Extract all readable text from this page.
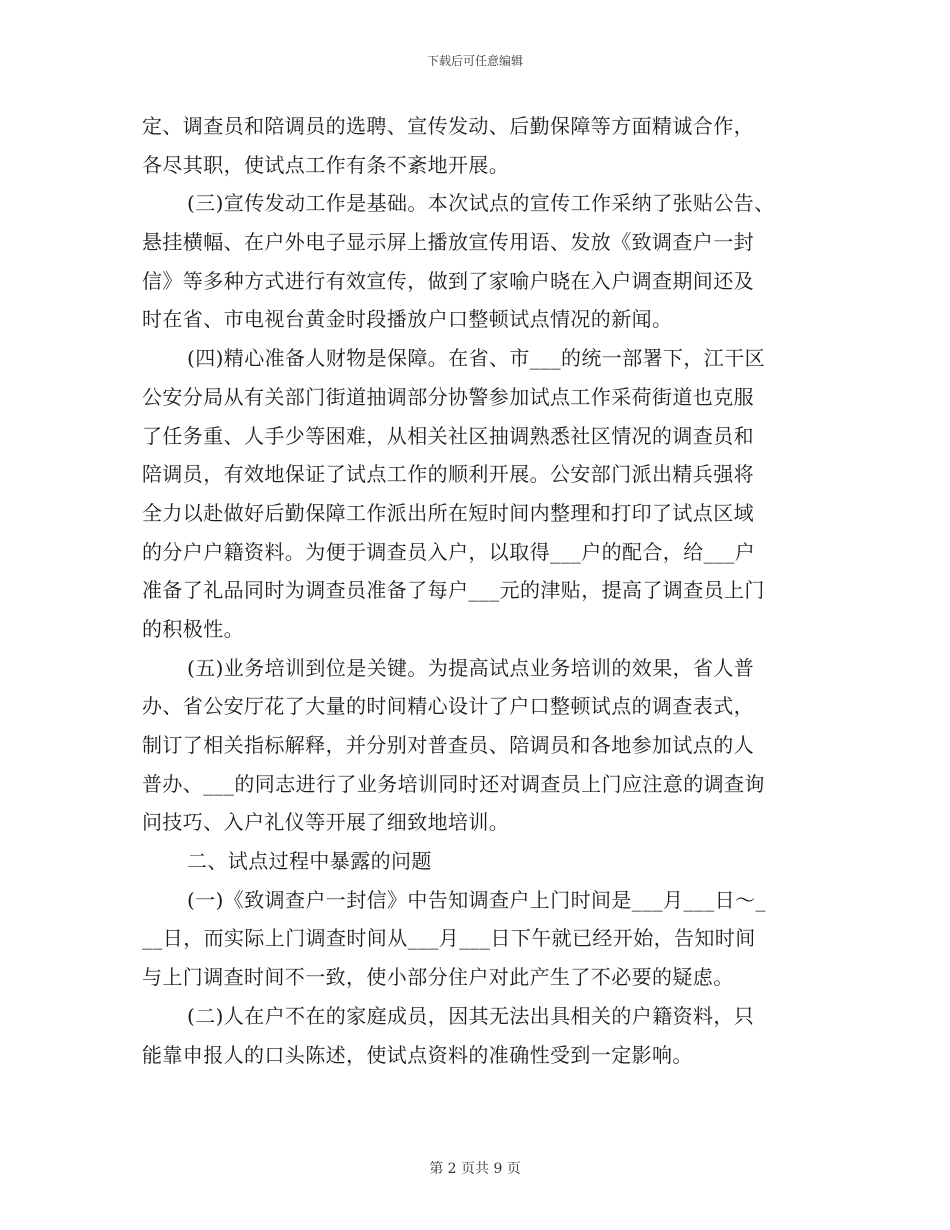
下载后可任意编辑
定、调查员和陪调员的选聘、宣传发动、后勤保障等方面精诚合作，
各尽其职，使试点工作有条不紊地开展。
(三)宣传发动工作是基础。本次试点的宣传工作采纳了张贴公告、
悬挂横幅、在户外电子显示屏上播放宣传用语、发放《致调查户一封
信》等多种方式进行有效宣传，做到了家喻户晓在入户调查期间还及
时在省、市电视台黄金时段播放户口整顿试点情况的新闻。
(四)精心准备人财物是保障。在省、市___的统一部署下，江干区
公安分局从有关部门街道抽调部分协警参加试点工作采荷街道也克服
了任务重、人手少等困难，从相关社区抽调熟悉社区情况的调查员和
陪调员，有效地保证了试点工作的顺利开展。公安部门派出精兵强将
全力以赴做好后勤保障工作派出所在短时间内整理和打印了试点区域
的分户户籍资料。为便于调查员入户，以取得___户的配合，给___户
准备了礼品同时为调查员准备了每户___元的津贴，提高了调查员上门
的积极性。
(五)业务培训到位是关键。为提高试点业务培训的效果，省人普
办、省公安厅花了大量的时间精心设计了户口整顿试点的调查表式，
制订了相关指标解释，并分别对普查员、陪调员和各地参加试点的人
普办、___的同志进行了业务培训同时还对调查员上门应注意的调查询
问技巧、入户礼仪等开展了细致地培训。
二、试点过程中暴露的问题
(一)《致调查户一封信》中告知调查户上门时间是___月___日～_
__日，而实际上门调查时间从___月___日下午就已经开始，告知时间
与上门调查时间不一致，使小部分住户对此产生了不必要的疑虑。
(二)人在户不在的家庭成员，因其无法出具相关的户籍资料，只
能靠申报人的口头陈述，使试点资料的准确性受到一定影响。
第 2 页共 9 页
